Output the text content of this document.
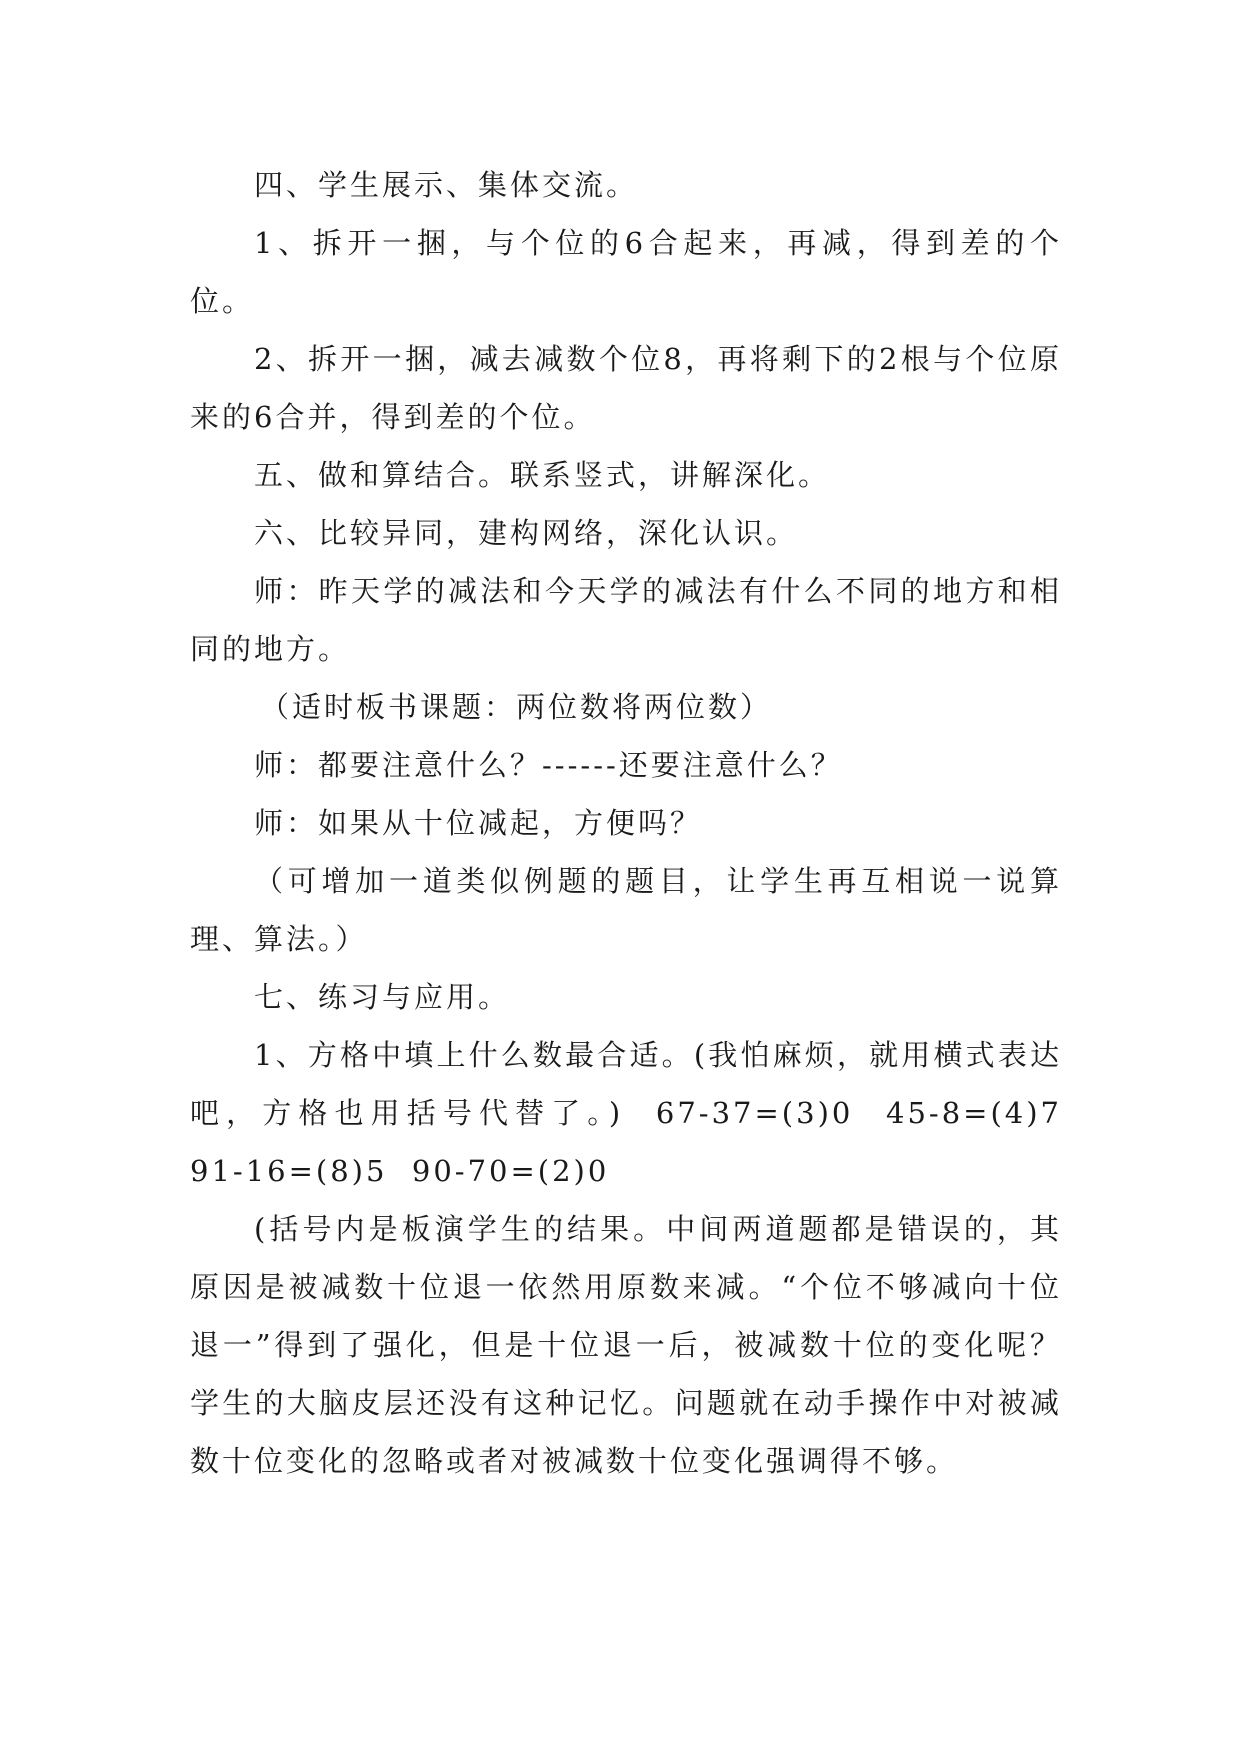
四、学生展示、集体交流。

1、拆开一捆，与个位的6合起来，再减，得到差的个位。

2、拆开一捆，减去减数个位8，再将剩下的2根与个位原来的6合并，得到差的个位。

五、做和算结合。联系竖式，讲解深化。

六、比较异同，建构网络，深化认识。

师：昨天学的减法和今天学的减法有什么不同的地方和相同的地方。

（适时板书课题：两位数将两位数）

师：都要注意什么？------还要注意什么？

师：如果从十位减起，方便吗？

（可增加一道类似例题的题目，让学生再互相说一说算理、算法。）

七、练习与应用。

1、方格中填上什么数最合适。(我怕麻烦，就用横式表达吧，方格也用括号代替了。)  67-37=(3)0  45-8=(4)7 91-16=(8)5  90-70=(2)0

(括号内是板演学生的结果。中间两道题都是错误的，其原因是被减数十位退一依然用原数来减。“个位不够减向十位退一”得到了强化，但是十位退一后，被减数十位的变化呢？学生的大脑皮层还没有这种记忆。问题就在动手操作中对被减数十位变化的忽略或者对被减数十位变化强调得不够。
